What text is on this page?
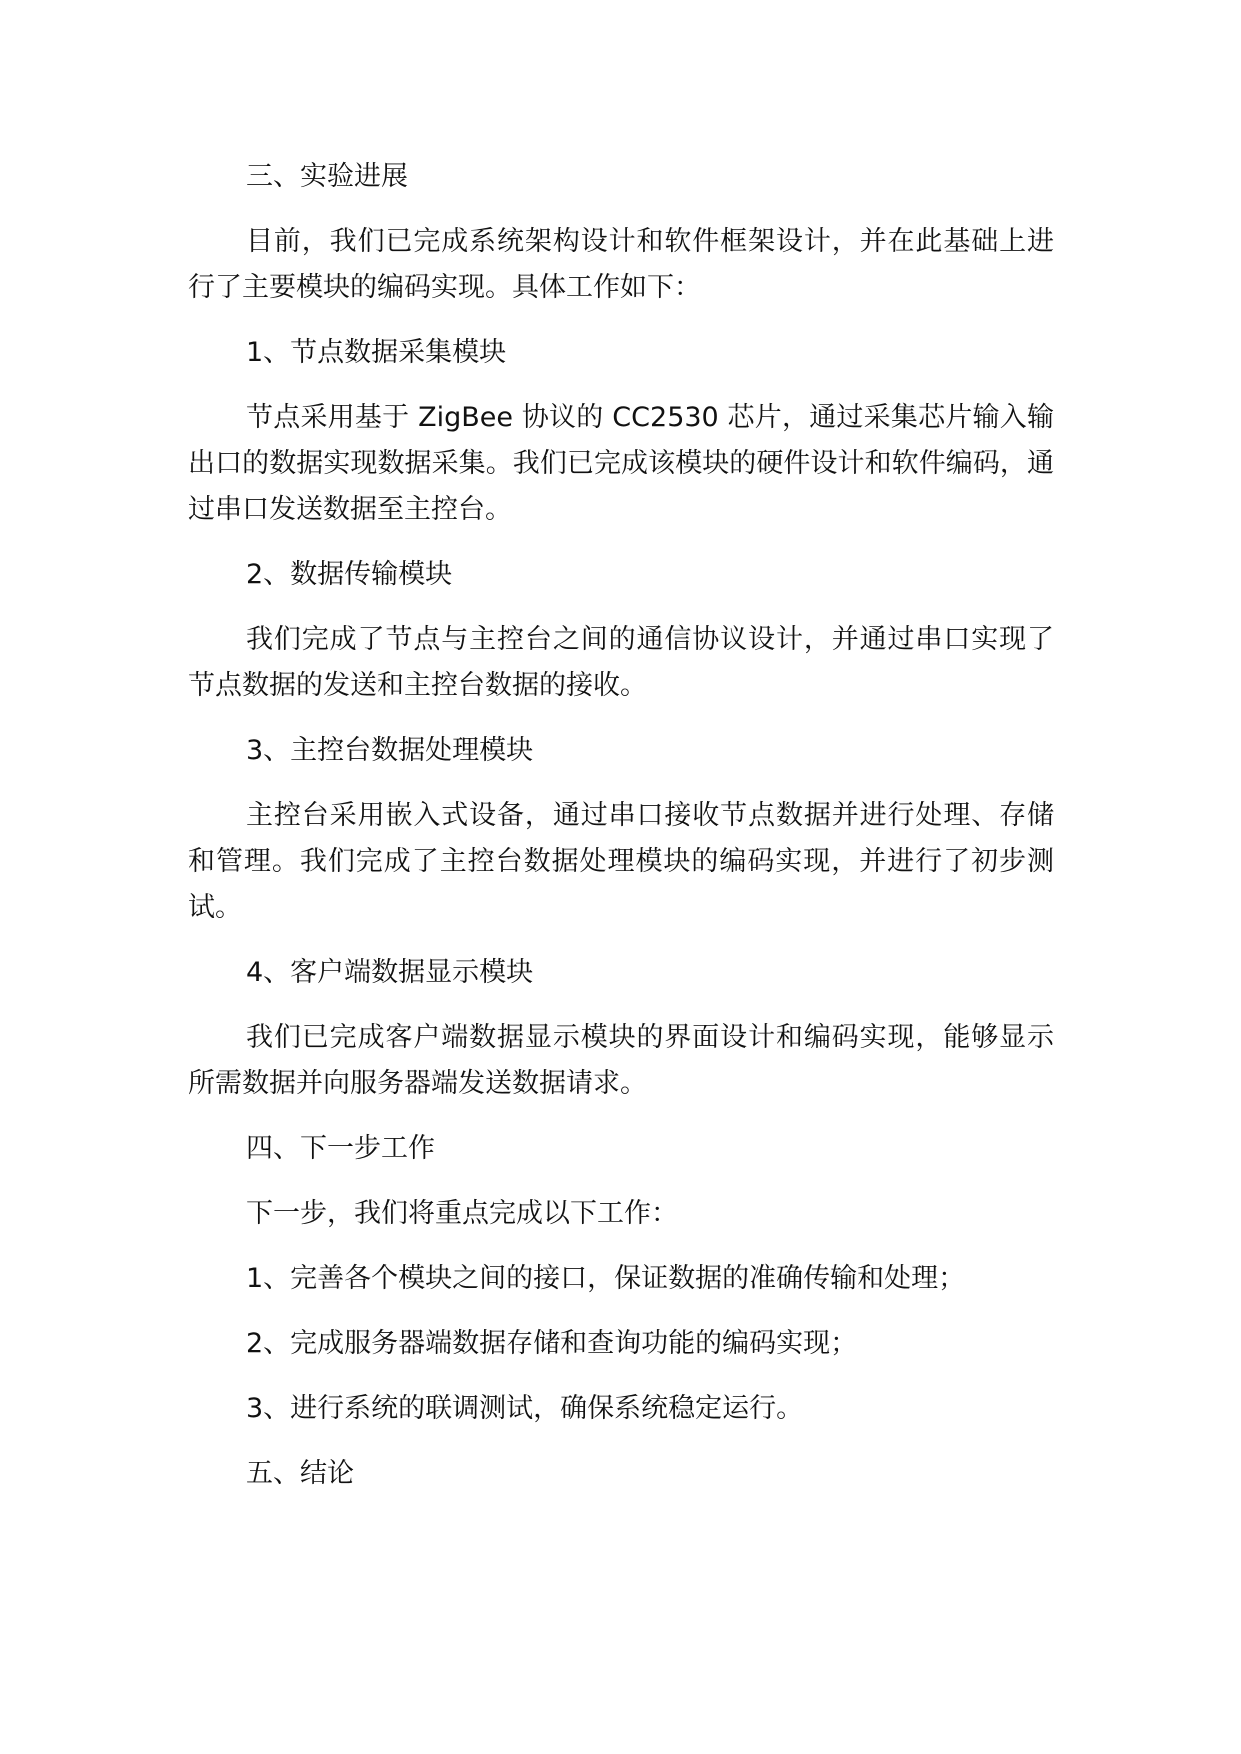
三、实验进展

目前，我们已完成系统架构设计和软件框架设计，并在此基础上进行了主要模块的编码实现。具体工作如下：

1、节点数据采集模块

节点采用基于 ZigBee 协议的 CC2530 芯片，通过采集芯片输入输出口的数据实现数据采集。我们已完成该模块的硬件设计和软件编码，通过串口发送数据至主控台。

2、数据传输模块

我们完成了节点与主控台之间的通信协议设计，并通过串口实现了节点数据的发送和主控台数据的接收。

3、主控台数据处理模块

主控台采用嵌入式设备，通过串口接收节点数据并进行处理、存储和管理。我们完成了主控台数据处理模块的编码实现，并进行了初步测试。

4、客户端数据显示模块

我们已完成客户端数据显示模块的界面设计和编码实现，能够显示所需数据并向服务器端发送数据请求。

四、下一步工作

下一步，我们将重点完成以下工作：

1、完善各个模块之间的接口，保证数据的准确传输和处理；

2、完成服务器端数据存储和查询功能的编码实现；

3、进行系统的联调测试，确保系统稳定运行。

五、结论
